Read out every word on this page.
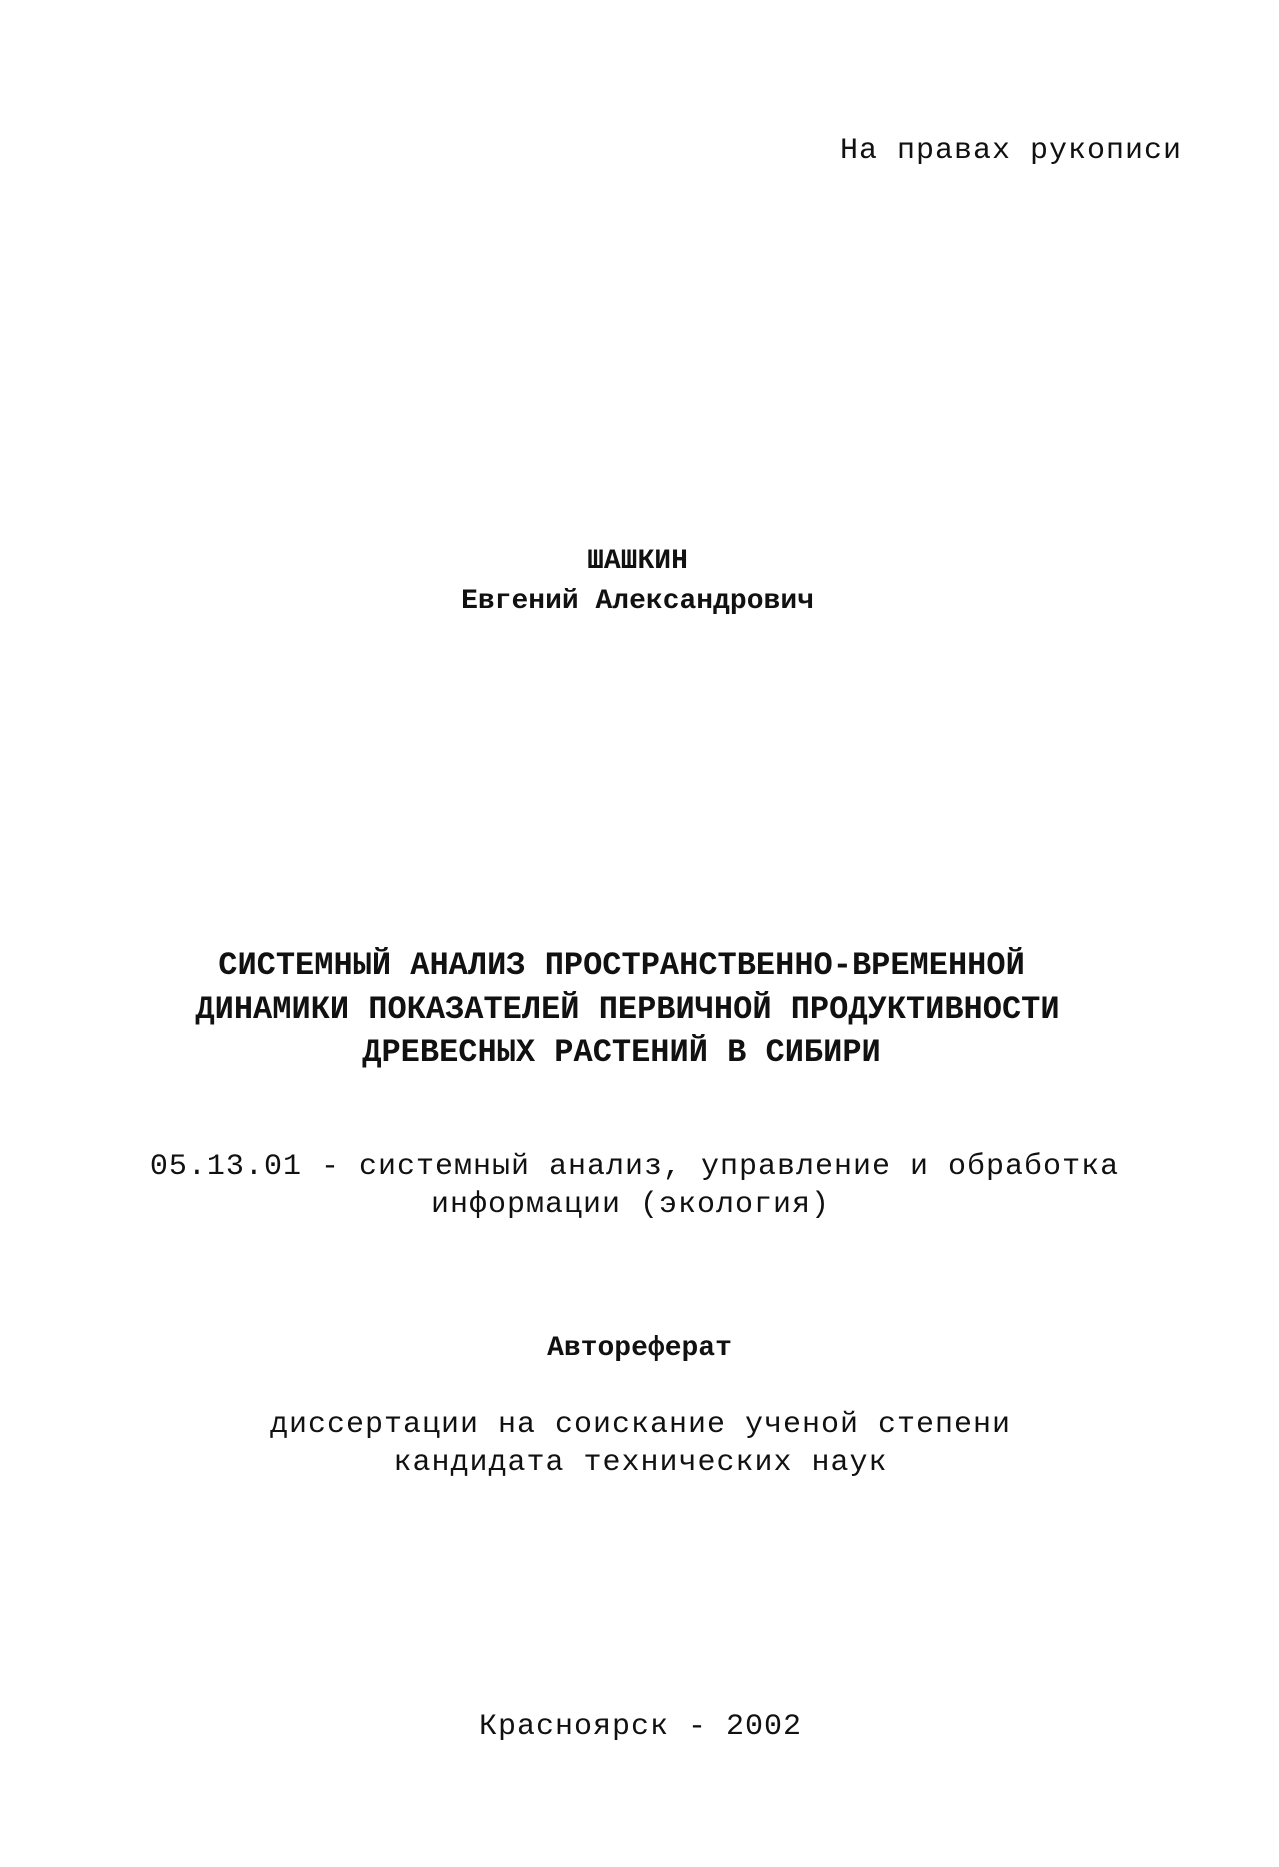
На правах рукописи
ШАШКИН
Евгений Александрович
СИСТЕМНЫЙ АНАЛИЗ ПРОСТРАНСТВЕННО-ВРЕМЕННОЙ
ДИНАМИКИ ПОКАЗАТЕЛЕЙ ПЕРВИЧНОЙ ПРОДУКТИВНОСТИ
ДРЕВЕСНЫХ РАСТЕНИЙ В СИБИРИ
05.13.01 - системный анализ, управление и обработка
информации (экология)
Автореферат
диссертации на соискание ученой степени
кандидата технических наук
Красноярск - 2002
